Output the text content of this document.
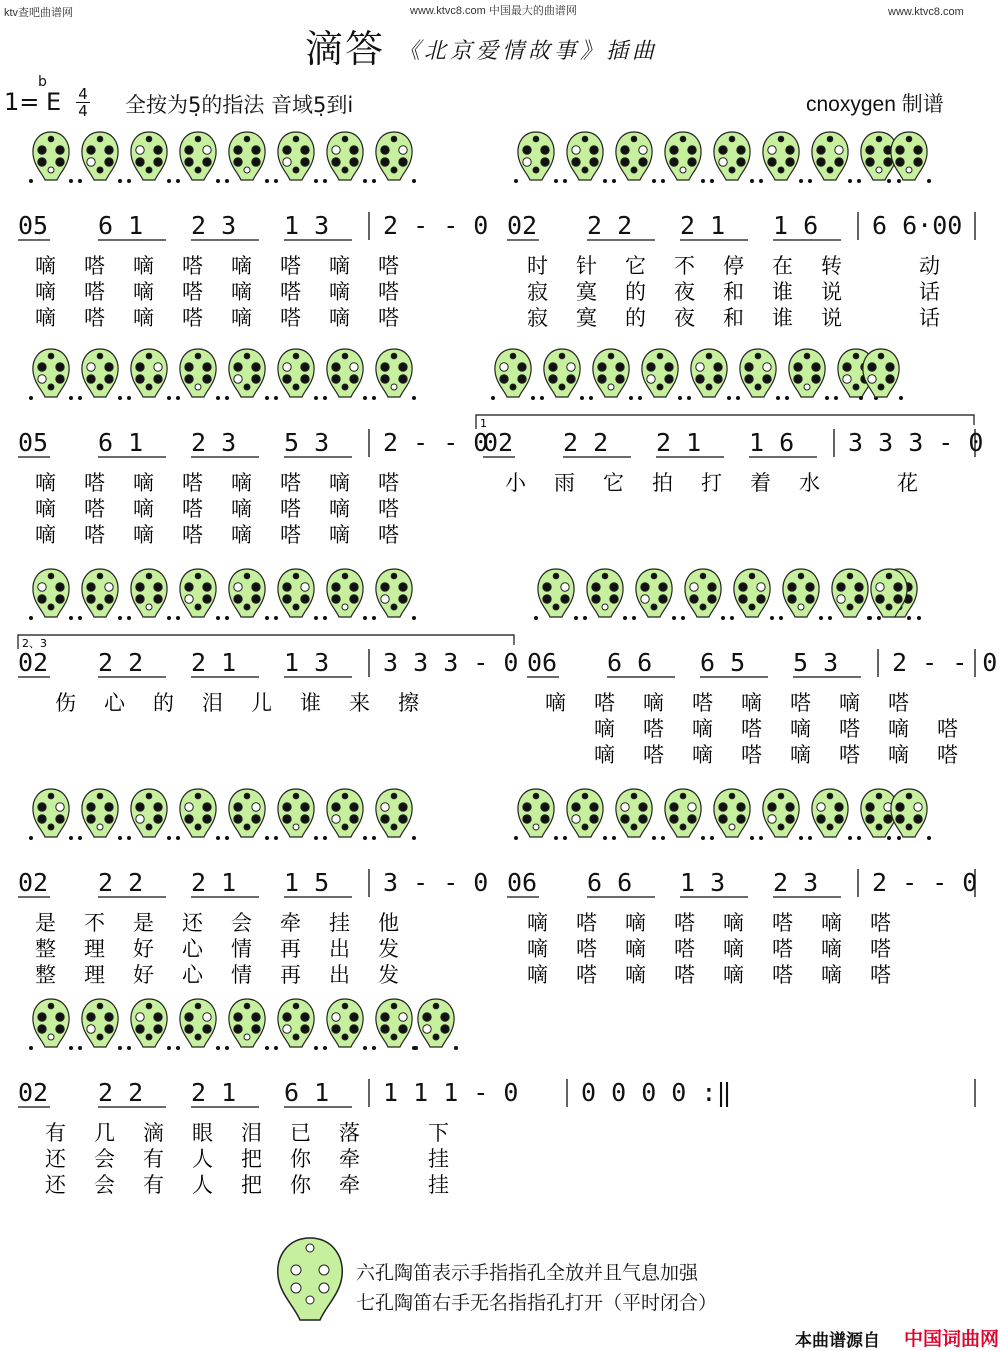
ktv查吧曲谱网	www.ktvc8.com 中国最大的曲谱网	www.ktvc8.com
滴答 《北京爱情故事》插曲
1=
b
E 4
4 全按为5̣的指法 音域5̣到i̇	cnoxygen 制谱
05 6 1 2 3 1 3 2 - - 0 02 2 2 2 1 1 6 6 6·00
嘀 嗒 嘀 嗒 嘀 嗒 嘀 嗒	时 针 它 不 停 在 转	动
嘀 嗒 嘀 嗒 嘀 嗒 嘀 嗒	寂 寞 的 夜 和 谁 说	话
嘀 嗒 嘀 嗒 嘀 嗒 嘀 嗒	寂 寞 的 夜 和 谁 说	话
1
05 6 1 2 3 5 3 2 - - 0
02 2 2 2 1 1 6 3 3 3 - 0
嘀 嗒 嘀 嗒 嘀 嗒 嘀 嗒	小 雨 它 拍 打 着 水	花
嘀 嗒 嘀 嗒 嘀 嗒 嘀 嗒
嘀 嗒 嘀 嗒 嘀 嗒 嘀 嗒
2、3
02 2 2 2 1 1 3 3 3 3 - 0 06 6 6 6 5 5 3 2 - - 0
伤 心 的 泪 儿 谁 来 擦	嘀 嗒 嘀 嗒 嘀 嗒 嘀 嗒
嘀 嗒 嘀 嗒 嘀 嗒 嘀 嗒
嘀 嗒 嘀 嗒 嘀 嗒 嘀 嗒
02 2 2 2 1 1 5 3 - - 0 06 6 6 1 3 2 3 2 - - 0
是 不 是 还 会 牵 挂 他	嘀 嗒 嘀 嗒 嘀 嗒 嘀 嗒
整 理 好 心 情 再 出 发	嘀 嗒 嘀 嗒 嘀 嗒 嘀 嗒
整 理 好 心 情 再 出 发	嘀 嗒 嘀 嗒 嘀 嗒 嘀 嗒
02 2 2 2 1 6 1 1 1 1 - 0	0 0 0 0 :‖
有 几 滴 眼 泪 已 落	下
还 会 有 人 把 你 牵	挂
还 会 有 人 把 你 牵	挂
六孔陶笛表示手指指孔全放并且气息加强
七孔陶笛右手无名指指孔打开（平时闭合）
本曲谱源自 中国词曲网
